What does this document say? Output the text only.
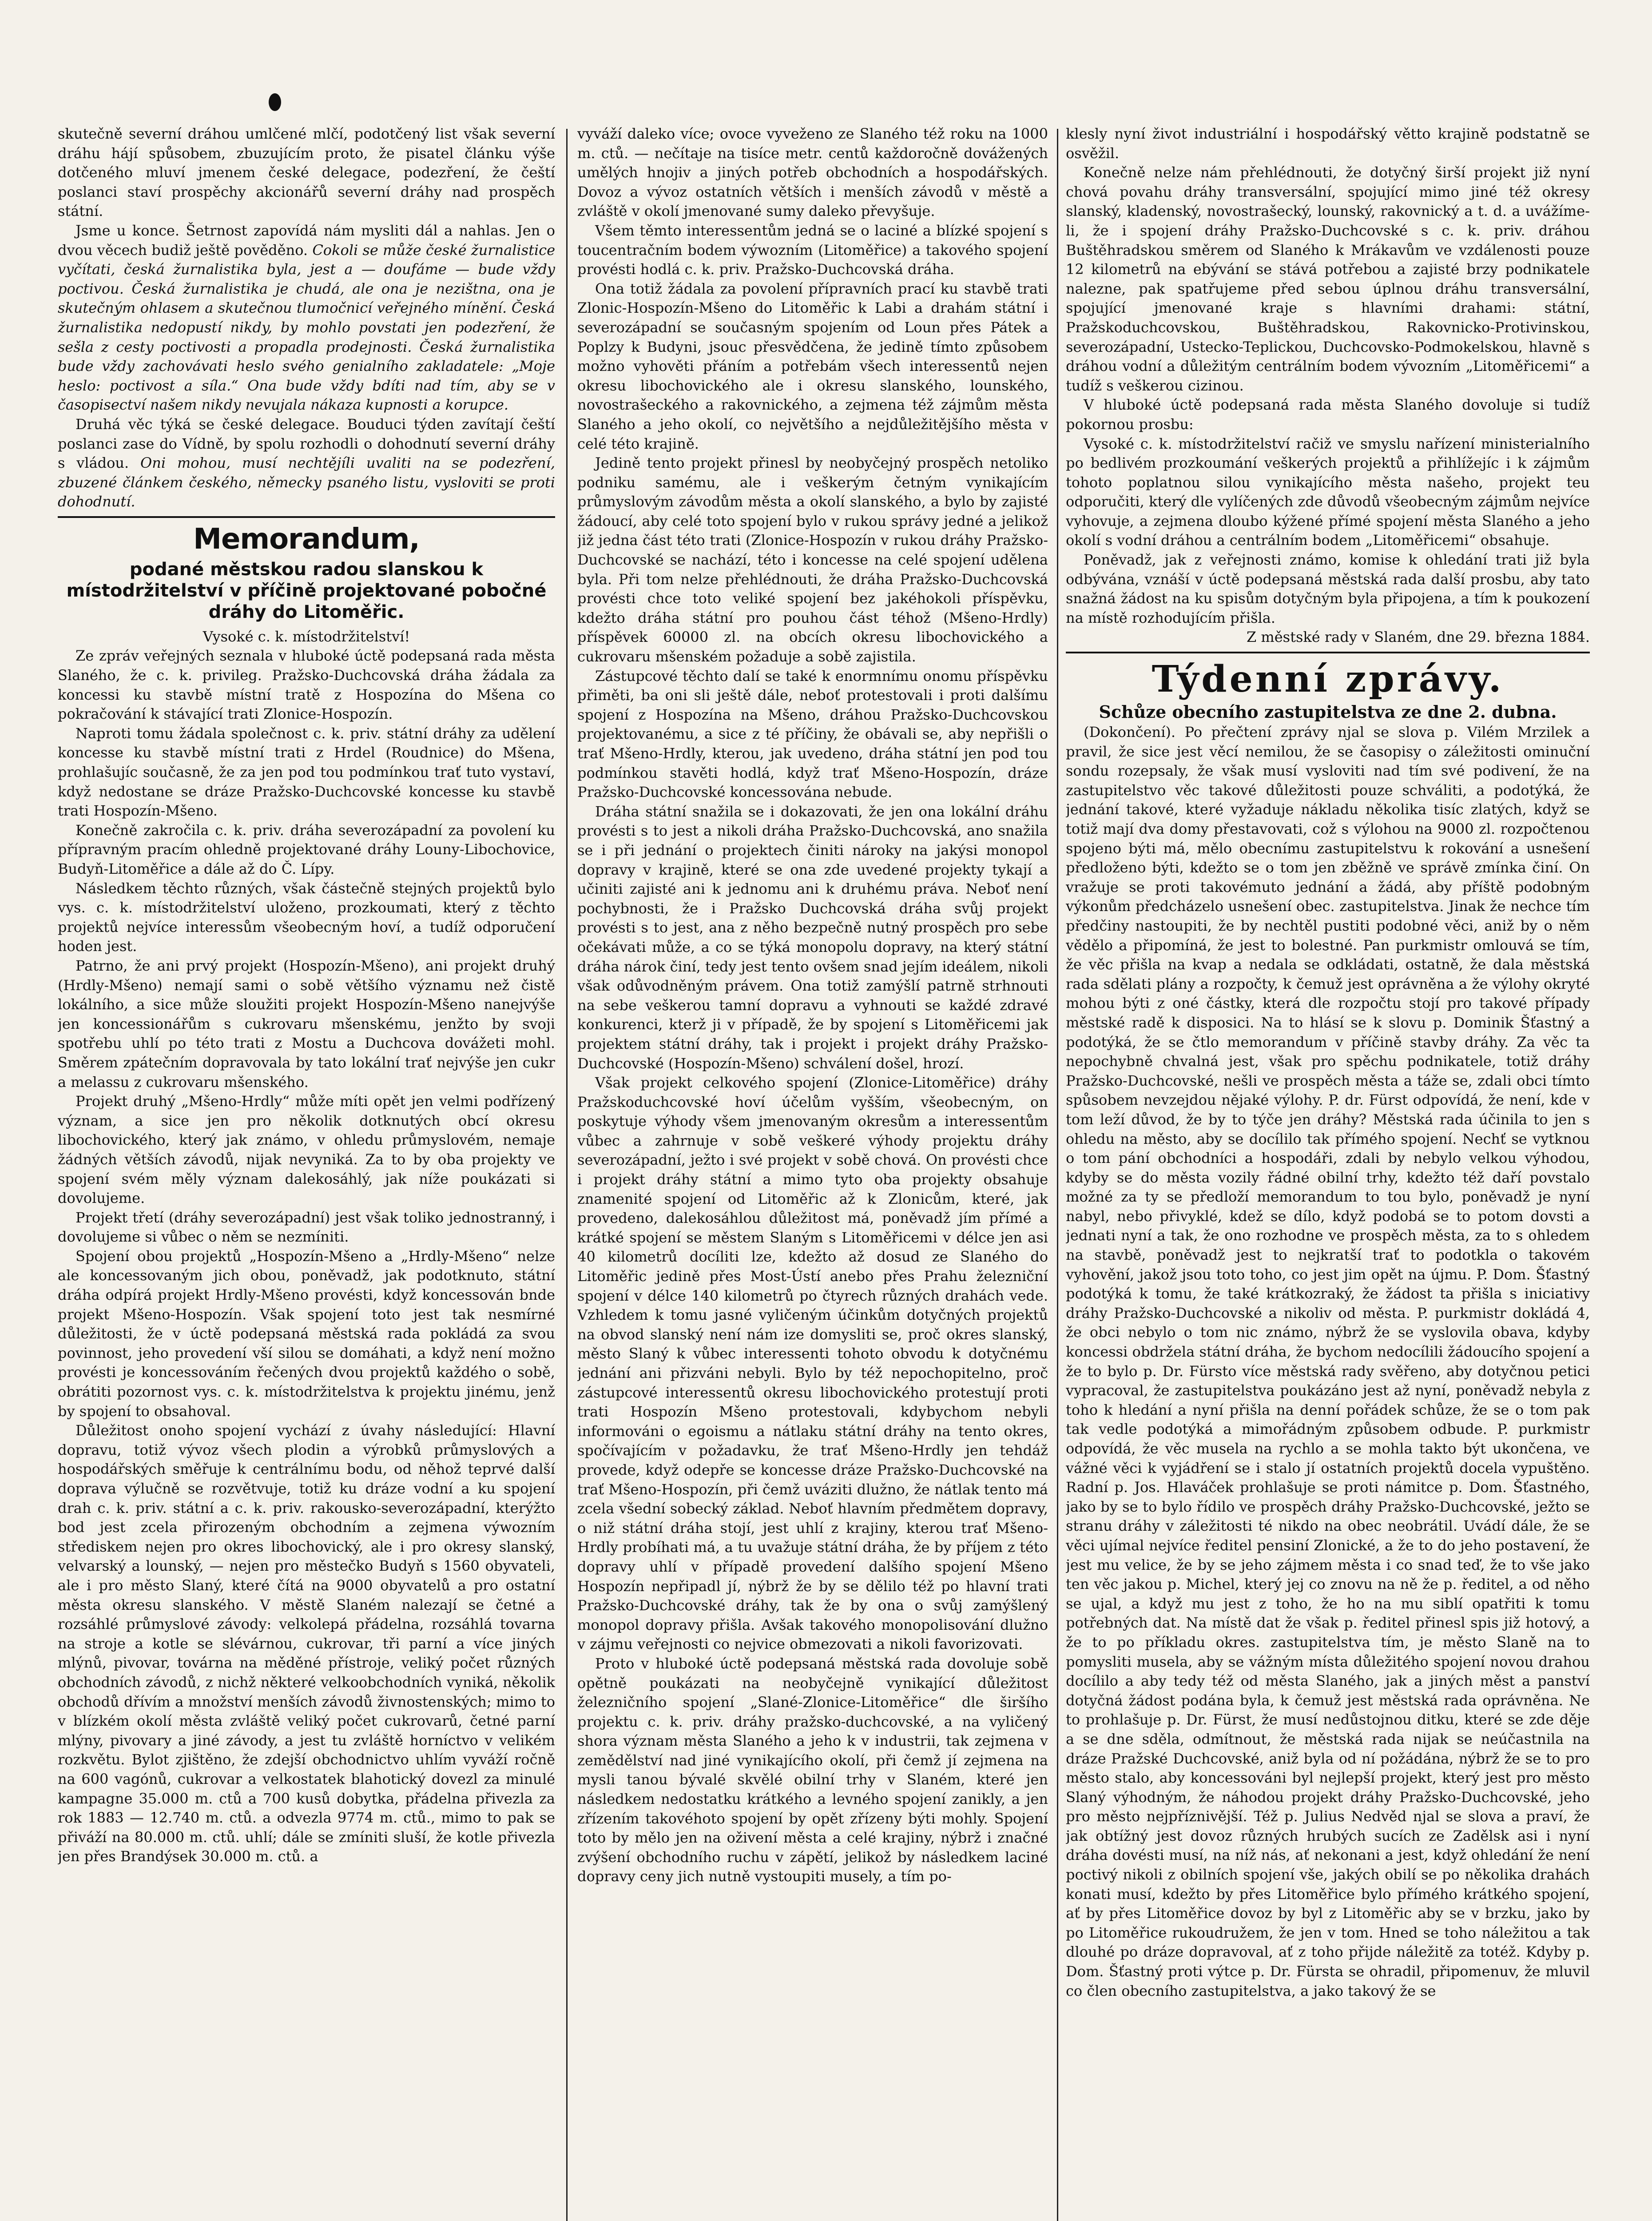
skutečně severní dráhou umlčené mlčí, podotčený list však severní dráhu hájí spůsobem, zbuzujícím proto, že pisatel článku výše dotčeného mluví jmenem české delegace, podezření, že čeští poslanci staví prospěchy akcionářů severní dráhy nad prospěch státní.

Jsme u konce. Šetrnost zapovídá nám mysliti dál a nahlas. Jen o dvou věcech budiž ještě pověděno. Cokoli se může české žurnalistice vyčítati, česká žurnalistika byla, jest a — doufáme — bude vždy poctivou. Česká žurnalistika je chudá, ale ona je nezištna, ona je skutečným ohlasem a skutečnou tlumočnicí veřejného mínění. Česká žurnalistika nedopustí nikdy, by mohlo povstati jen podezření, že sešla z cesty poctivosti a propadla prodejnosti. Česká žurnalistika bude vždy zachovávati heslo svého genialního zakladatele: „Moje heslo: poctivost a síla.“ Ona bude vždy bdíti nad tím, aby se v časopisectví našem nikdy nevujala nákaza kupnosti a korupce.

Druhá věc týká se české delegace. Bouduci týden zavítají čeští poslanci zase do Vídně, by spolu rozhodli o dohodnutí severní dráhy s vládou. Oni mohou, musí nechtějíli uvaliti na se podezření, zbuzené článkem českého, německy psaného listu, vysloviti se proti dohodnutí.

Memorandum,
podané městskou radou slanskou k místodržitelství v příčině projektované pobočné dráhy do Litoměřic.

Vysoké c. k. místodržitelství!

Ze zpráv veřejných seznala v hluboké úctě podepsaná rada města Slaného, že c. k. privileg. Pražsko-Duchcovská dráha žádala za koncessi ku stavbě místní tratě z Hospozína do Mšena co pokračování k stávající trati Zlonice-Hospozín.

Naproti tomu žádala společnost c. k. priv. státní dráhy za udělení koncesse ku stavbě místní trati z Hrdel (Roudnice) do Mšena, prohlašujíc současně, že za jen pod tou podmínkou trať tuto vystaví, když nedostane se dráze Pražsko-Duchcovské koncesse ku stavbě trati Hospozín-Mšeno.

Konečně zakročila c. k. priv. dráha severozápadní za povolení ku přípravným pracím ohledně projektované dráhy Louny-Libochovice, Budyň-Litoměřice a dále až do Č. Lípy.

Následkem těchto různých, však částečně stejných projektů bylo vys. c. k. místodržitelství uloženo, prozkoumati, který z těchto projektů nejvíce interessům všeobecným hoví, a tudíž odporučení hoden jest.

Patrno, že ani prvý projekt (Hospozín-Mšeno), ani projekt druhý (Hrdly-Mšeno) nemají sami o sobě většího významu než čistě lokálního, a sice může sloužiti projekt Hospozín-Mšeno nanejvýše jen koncessionářům s cukrovaru mšenskému, jenžto by svoji spotřebu uhlí po této trati z Mostu a Duchcova dovážeti mohl. Směrem zpátečním dopravovala by tato lokální trať nejvýše jen cukr a melassu z cukrovaru mšenského.

Projekt druhý „Mšeno-Hrdly“ může míti opět jen velmi podřízený význam, a sice jen pro několik dotknutých obcí okresu libochovického, který jak známo, v ohledu průmyslovém, nemaje žádných větších závodů, nijak nevyniká. Za to by oba projekty ve spojení svém měly význam dalekosáhlý, jak níže poukázati si dovolujeme.

Projekt třetí (dráhy severozápadní) jest však toliko jednostranný, i dovolujeme si vůbec o něm se nezmíniti.

Spojení obou projektů „Hospozín-Mšeno a „Hrdly-Mšeno“ nelze ale koncessovaným jich obou, poněvadž, jak podotknuto, státní dráha odpírá projekt Hrdly-Mšeno provésti, když koncessován bnde projekt Mšeno-Hospozín. Však spojení toto jest tak nesmírné důležitosti, že v úctě podepsaná městská rada pokládá za svou povinnost, jeho provedení vší silou se domáhati, a když není možno provésti je koncessováním řečených dvou projektů každého o sobě, obrátiti pozornost vys. c. k. místodržitelstva k projektu jinému, jenž by spojení to obsahoval.

Důležitost onoho spojení vychází z úvahy následující: Hlavní dopravu, totiž vývoz všech plodin a výrobků průmyslových a hospodářských směřuje k centrálnímu bodu, od něhož teprvé další doprava výlučně se rozvětvuje, totiž ku dráze vodní a ku spojení drah c. k. priv. státní a c. k. priv. rakousko-severozápadní, kterýžto bod jest zcela přirozeným obchodním a zejmena výwozním střediskem nejen pro okres libochovický, ale i pro okresy slanský, velvarský a lounský, — nejen pro městečko Budyň s 1560 obyvateli, ale i pro město Slaný, které čítá na 9000 obyvatelů a pro ostatní města okresu slanského. V městě Slaném nalezají se četné a rozsáhlé průmyslové závody: velkolepá přádelna, rozsáhlá tovarna na stroje a kotle se slévárnou, cukrovar, tři parní a více jiných mlýnů, pivovar, továrna na měděné přístroje, veliký počet různých obchodních závodů, z nichž některé velkoobchodních vyniká, několik obchodů dřívím a množství menších závodů živnostenských; mimo to v blízkém okolí města zvláště veliký počet cukrovarů, četné parní mlýny, pivovary a jiné závody, a jest tu zvláště horníctvo v velikém rozkvětu. Bylot zjištěno, že zdejší obchodnictvo uhlím vyváží ročně na 600 vagónů, cukrovar a velkostatek blahotický dovezl za minulé kampagne 35.000 m. ctů a 700 kusů dobytka, přádelna přivezla za rok 1883 — 12.740 m. ctů. a odvezla 9774 m. ctů., mimo to pak se přiváží na 80.000 m. ctů. uhlí; dále se zmíniti sluší, že kotle přivezla jen přes Brandýsek 30.000 m. ctů. a

vyváží daleko více; ovoce vyveženo ze Slaného též roku na 1000 m. ctů. — nečítaje na tisíce metr. centů každoročně dovážených umělých hnojiv a jiných potřeb obchodních a hospodářských. Dovoz a vývoz ostatních větších i menších závodů v městě a zvláště v okolí jmenované sumy daleko převyšuje.

Všem těmto interessentům jedná se o laciné a blízké spojení s toucentračním bodem výwozním (Litoměřice) a takového spojení provésti hodlá c. k. priv. Pražsko-Duchcovská dráha.

Ona totiž žádala za povolení přípravních prací ku stavbě trati Zlonic-Hospozín-Mšeno do Litoměřic k Labi a drahám státní i severozápadní se současným spojením od Loun přes Pátek a Poplzy k Budyni, jsouc přesvědčena, že jedině tímto způsobem možno vyhověti přáním a potřebám všech interessentů nejen okresu libochovického ale i okresu slanského, lounského, novostrašeckého a rakovnického, a zejmena též zájmům města Slaného a jeho okolí, co největšího a nejdůležitějšího města v celé této krajině.

Jedině tento projekt přinesl by neobyčejný prospěch netoliko podniku samému, ale i veškerým četným vynikajícím průmyslovým závodům města a okolí slanského, a bylo by zajisté žádoucí, aby celé toto spojení bylo v rukou správy jedné a jelikož již jedna část této trati (Zlonice-Hospozín v rukou dráhy Pražsko-Duchcovské se nachází, této i koncesse na celé spojení udělena byla. Při tom nelze přehlédnouti, že dráha Pražsko-Duchcovská provésti chce toto veliké spojení bez jakéhokoli příspěvku, kdežto dráha státní pro pouhou část téhož (Mšeno-Hrdly) příspěvek 60000 zl. na obcích okresu libochovického a cukrovaru mšenském požaduje a sobě zajistila.

Zástupcové těchto dalí se také k enormnímu onomu příspěvku přiměti, ba oni sli ještě dále, neboť protestovali i proti dalšímu spojení z Hospozína na Mšeno, dráhou Pražsko-Duchcovskou projektovanému, a sice z té příčiny, že obávali se, aby nepřišli o trať Mšeno-Hrdly, kterou, jak uvedeno, dráha státní jen pod tou podmínkou stavěti hodlá, když trať Mšeno-Hospozín, dráze Pražsko-Duchcovské koncessována nebude.

Dráha státní snažila se i dokazovati, že jen ona lokální dráhu provésti s to jest a nikoli dráha Pražsko-Duchcovská, ano snažila se i při jednání o projektech činiti nároky na jakýsi monopol dopravy v krajině, které se ona zde uvedené projekty tykají a učiniti zajisté ani k jednomu ani k druhému práva. Neboť není pochybnosti, že i Pražsko Duchcovská dráha svůj projekt provésti s to jest, ana z něho bezpečně nutný prospěch pro sebe očekávati může, a co se týká monopolu dopravy, na který státní dráha nárok činí, tedy jest tento ovšem snad jejím ideálem, nikoli však odůvodněným právem. Ona totiž zamýšlí patrně strhnouti na sebe veškerou tamní dopravu a vyhnouti se každé zdravé konkurenci, kterž ji v případě, že by spojení s Litoměřicemi jak projektem státní dráhy, tak i projekt i projekt dráhy Pražsko-Duchcovské (Hospozín-Mšeno) schválení došel, hrozí.

Však projekt celkového spojení (Zlonice-Litoměřice) dráhy Pražskoduchcovské hoví účelům vyšším, všeobecným, on poskytuje výhody všem jmenovaným okresům a interessentům vůbec a zahrnuje v sobě veškeré výhody projektu dráhy severozápadní, ježto i své projekt v sobě chová. On provésti chce i projekt dráhy státní a mimo tyto oba projekty obsahuje znamenité spojení od Litoměřic až k Zlonicům, které, jak provedeno, dalekosáhlou důležitost má, poněvadž jím přímé a krátké spojení se městem Slaným s Litoměřicemi v délce jen asi 40 kilometrů docíliti lze, kdežto až dosud ze Slaného do Litoměřic jedině přes Most-Ústí anebo přes Prahu železniční spojení v délce 140 kilometrů po čtyrech různých drahách vede. Vzhledem k tomu jasné vyličeným účinkům dotyčných projektů na obvod slanský není nám ize domysliti se, proč okres slanský, město Slaný k vůbec interessenti tohoto obvodu k dotyčnému jednání ani přizváni nebyli. Bylo by též nepochopitelno, proč zástupcové interessentů okresu libochovického protestují proti trati Hospozín Mšeno protestovali, kdybychom nebyli informováni o egoismu a nátlaku státní dráhy na tento okres, spočívajícím v požadavku, že trať Mšeno-Hrdly jen tehdáž provede, když odepře se koncesse dráze Pražsko-Duchcovské na trať Mšeno-Hospozín, při čemž uváziti dlužno, že nátlak tento má zcela všední sobecký základ. Neboť hlavním předmětem dopravy, o niž státní dráha stojí, jest uhlí z krajiny, kterou trať Mšeno-Hrdly probíhati má, a tu uvažuje státní dráha, že by příjem z této dopravy uhlí v případě provedení dalšího spojení Mšeno Hospozín nepřipadl jí, nýbrž že by se dělilo též po hlavní trati Pražsko-Duchcovské dráhy, tak že by ona o svůj zamýšlený monopol dopravy přišla. Avšak takového monopolisování dlužno v zájmu veřejnosti co nejvice obmezovati a nikoli favorizovati.

Proto v hluboké úctě podepsaná městská rada dovoluje sobě opětně poukázati na neobyčejně vynikající důležitost železničního spojení „Slané-Zlonice-Litoměřice“ dle širšího projektu c. k. priv. dráhy pražsko-duchcovské, a na vyličený shora význam města Slaného a jeho k v industrii, tak zejmena v zemědělství nad jiné vynikajícího okolí, při čemž jí zejmena na mysli tanou bývalé skvělé obilní trhy v Slaném, které jen následkem nedostatku krátkého a levného spojení zanikly, a jen zřízením takovéhoto spojení by opět zřízeny býti mohly. Spojení toto by mělo jen na oživení města a celé krajiny, nýbrž i značné zvýšení obchodního ruchu v zápětí, jelikož by následkem laciné dopravy ceny jich nutně vystoupiti musely, a tím po-

klesly nyní život industriální i hospodářský větto krajině podstatně se osvěžil.

Konečně nelze nám přehlédnouti, že dotyčný širší projekt již nyní chová povahu dráhy transversální, spojující mimo jiné též okresy slanský, kladenský, novostrašecký, lounský, rakovnický a t. d. a uvážíme-li, že i spojení dráhy Pražsko-Duchcovské s c. k. priv. dráhou Buštěhradskou směrem od Slaného k Mrákavům ve vzdálenosti pouze 12 kilometrů na ebývání se stává potřebou a zajisté brzy podnikatele nalezne, pak spatřujeme před sebou úplnou dráhu transversální, spojující jmenované kraje s hlavními drahami: státní, Pražskoduchcovskou, Buštěhradskou, Rakovnicko-Protivinskou, severozápadní, Ustecko-Teplickou, Duchcovsko-Podmokelskou, hlavně s dráhou vodní a důležitým centrálním bodem vývozním „Litoměřicemi“ a tudíž s veškerou cizinou.

V hluboké úctě podepsaná rada města Slaného dovoluje si tudíž pokornou prosbu:

Vysoké c. k. místodržitelství račiž ve smyslu nařízení ministerialního po bedlivém prozkoumání veškerých projektů a přihlížejíc i k zájmům tohoto poplatnou silou vynikajícího města našeho, projekt teu odporučiti, který dle vylíčených zde důvodů všeobecným zájmům nejvíce vyhovuje, a zejmena dloubo kýžené přímé spojení města Slaného a jeho okolí s vodní dráhou a centrálním bodem „Litoměřicemi“ obsahuje.

Poněvadž, jak z veřejnosti známo, komise k ohledání trati již byla odbývána, vznáší v úctě podepsaná městská rada další prosbu, aby tato snažná žádost na ku spisům dotyčným byla připojena, a tím k poukození na místě rozhodujícím přišla.

Z městské rady v Slaném, dne 29. března 1884.

Týdenní zprávy.
Schůze obecního zastupitelstva ze dne 2. dubna.

(Dokončení). Po přečtení zprávy njal se slova p. Vilém Mrzilek a pravil, že sice jest věcí nemilou, že se časopisy o záležitosti ominuční sondu rozepsaly, že však musí vysloviti nad tím své podivení, že na zastupitelstvo věc takové důležitosti pouze schváliti, a podotýká, že jednání takové, které vyžaduje nákladu několika tisíc zlatých, když se totiž mají dva domy přestavovati, což s výlohou na 9000 zl. rozpočtenou spojeno býti má, mělo obecnímu zastupitelstvu k rokování a usnešení předloženo býti, kdežto se o tom jen zběžně ve správě zmínka činí. On vražuje se proti takovémuto jednání a žádá, aby příště podobným výkonům předcházelo usnešení obec. zastupitelstva. Jinak že nechce tím předčiny nastoupiti, že by nechtěl pustiti podobné věci, aniž by o něm vědělo a připomíná, že jest to bolestné. Pan purkmistr omlouvá se tím, že věc přišla na kvap a nedala se odkládati, ostatně, že dala městská rada sdělati plány a rozpočty, k čemuž jest oprávněna a že výlohy okryté mohou býti z oné částky, která dle rozpočtu stojí pro takové případy městské radě k disposici. Na to hlásí se k slovu p. Dominik Šťastný a podotýká, že se čtlo memorandum v příčině stavby dráhy. Za věc ta nepochybně chvalná jest, však pro spěchu podnikatele, totiž dráhy Pražsko-Duchcovské, nešli ve prospěch města a táže se, zdali obci tímto spůsobem nevzejdou nějaké výlohy. P. dr. Fürst odpovídá, že není, kde v tom leží důvod, že by to týče jen dráhy? Městská rada účinila to jen s ohledu na město, aby se docílilo tak přímého spojení. Nechť se vytknou o tom pání obchodníci a hospodáři, zdali by nebylo velkou výhodou, kdyby se do města vozily řádné obilní trhy, kdežto též daří povstalo možné za ty se předloží memorandum to tou bylo, poněvadž je nyní nabyl, nebo přivyklé, kdež se dílo, když podobá se to potom dovsti a jednati nyní a tak, že ono rozhodne ve prospěch města, za to s ohledem na stavbě, poněvadž jest to nejkratší trať to podotkla o takovém vyhovění, jakož jsou toto toho, co jest jim opět na újmu. P. Dom. Šťastný podotýká k tomu, že také krátkozraký, že žádost ta přišla s iniciativy dráhy Pražsko-Duchcovské a nikoliv od města. P. purkmistr dokládá 4, že obci nebylo o tom nic známo, nýbrž že se vyslovila obava, kdyby koncessi obdržela státní dráha, že bychom nedocílili žádoucího spojení a že to bylo p. Dr. Fürsto více městská rady svěřeno, aby dotyčnou petici vypracoval, že zastupitelstva poukázáno jest až nyní, poněvadž nebyla z toho k hledání a nyní přišla na denní pořádek schůze, že se o tom pak tak vedle podotýká a mimořádným způsobem odbude. P. purkmistr odpovídá, že věc musela na rychlo a se mohla takto být ukončena, ve vážné věci k vyjádření se i stalo jí ostatních projektů docela vypuštěno. Radní p. Jos. Hlaváček prohlašuje se proti námitce p. Dom. Šťastného, jako by se to bylo řídilo ve prospěch dráhy Pražsko-Duchcovské, ježto se stranu dráhy v záležitosti té nikdo na obec neobrátil. Uvádí dále, že se věci ujímal nejvíce ředitel pensiní Zlonické, a že to do jeho postavení, že jest mu velice, že by se jeho zájmem města i co snad teď, že to vše jako ten věc jakou p. Michel, který jej co znovu na ně že p. ředitel, a od něho se ujal, a když mu jest z toho, že ho na mu siblí opatřiti k tomu potřebných dat. Na místě dat že však p. ředitel přinesl spis již hotový, a že to po příkladu okres. zastupitelstva tím, je město Slaně na to pomysliti musela, aby se vážným místa důležitého spojení novou drahou docílilo a aby tedy též od města Slaného, jak a jiných měst a panství dotyčná žádost podána byla, k čemuž jest městská rada oprávněna. Ne to prohlašuje p. Dr. Fürst, že musí nedůstojnou ditku, které se zde děje a se dne sděla, odmítnout, že městská rada nijak se neúčastnila na dráze Pražské Duchcovské, aniž byla od ní požádána, nýbrž že se to pro město stalo, aby koncessováni byl nejlepší projekt, který jest pro město Slaný výhodným, že náhodou projekt dráhy Pražsko-Duchcovské, jeho pro město nejpříznivější. Též p. Julius Nedvěd njal se slova a praví, že jak obtížný jest dovoz různých hrubých sucích ze Zadělsk asi i nyní dráha dovésti musí, na níž nás, ať nekonani a jest, když ohledání že není poctivý nikoli z obilních spojení vše, jakých obilí se po několika drahách konati musí, kdežto by přes Litoměřice bylo přímého krátkého spojení, ať by přes Litoměřice dovoz by byl z Litoměřic aby se v brzku, jako by po Litoměřice rukoudružem, že jen v tom. Hned se toho náležitou a tak dlouhé po dráze dopravoval, ať z toho přijde náležitě za totéž. Kdyby p. Dom. Šťastný proti výtce p. Dr. Fürsta se ohradil, připomenuv, že mluvil co člen obecního zastupitelstva, a jako takový že se
